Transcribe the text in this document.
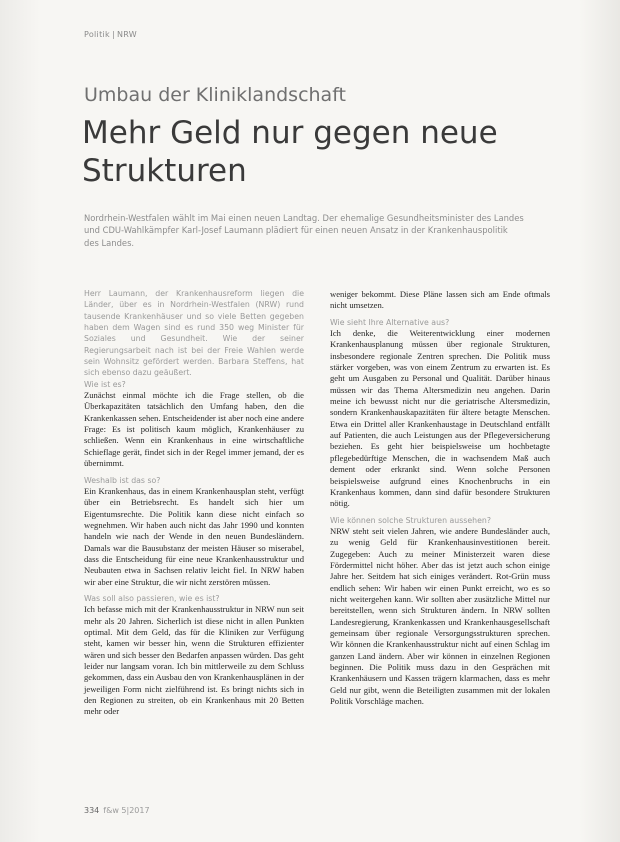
Politik | NRW
Umbau der Kliniklandschaft
Mehr Geld nur gegen neue Strukturen

Nordrhein-Westfalen wählt im Mai einen neuen Landtag. Der ehemalige Gesundheitsminister des Landes und CDU-Wahlkämpfer Karl-Josef Laumann plädiert für einen neuen Ansatz in der Krankenhauspolitik des Landes.

Herr Laumann, der Krankenhausreform liegen die Länder, über es in Nordrhein-Westfalen (NRW) rund tausende Krankenhäuser und so viele Betten gegeben haben dem Wagen sind es rund 350 weg Minister für Soziales und Gesundheit. Wie der seiner Regierungsarbeit nach ist bei der Freie Wahlen werde sein Wohnsitz gefördert werden. Barbara Steffens, hat sich ebenso dazu geäußert.

Wie ist es?

Zunächst einmal möchte ich die Frage stellen, ob die Überkapazitäten tatsächlich den Umfang haben, den die Krankenkassen sehen. Entscheidender ist aber noch eine andere Frage: Es ist politisch kaum möglich, Krankenhäuser zu schließen. Wenn ein Krankenhaus in eine wirtschaftliche Schieflage gerät, findet sich in der Regel immer jemand, der es übernimmt.

Weshalb ist das so?

Ein Krankenhaus, das in einem Krankenhausplan steht, verfügt über ein Betriebsrecht. Es handelt sich hier um Eigentumsrechte. Die Politik kann diese nicht einfach so wegnehmen. Wir haben auch nicht das Jahr 1990 und konnten handeln wie nach der Wende in den neuen Bundesländern. Damals war die Bausubstanz der meisten Häuser so miserabel, dass die Entscheidung für eine neue Krankenhausstruktur und Neubauten etwa in Sachsen relativ leicht fiel. In NRW haben wir aber eine Struktur, die wir nicht zerstören müssen.

Was soll also passieren, wie es ist?

Ich befasse mich mit der Krankenhausstruktur in NRW nun seit mehr als 20 Jahren. Sicherlich ist diese nicht in allen Punkten optimal. Mit dem Geld, das für die Kliniken zur Verfügung steht, kamen wir besser hin, wenn die Strukturen effizienter wären und sich besser den Bedarfen anpassen würden. Das geht leider nur langsam voran. Ich bin mittlerweile zu dem Schluss gekommen, dass ein Ausbau den von Krankenhausplänen in der jeweiligen Form nicht zielführend ist. Es bringt nichts sich in den Regionen zu streiten, ob ein Krankenhaus mit 20 Betten mehr oder

weniger bekommt. Diese Pläne lassen sich am Ende oftmals nicht umsetzen.

Wie sieht Ihre Alternative aus?

Ich denke, die Weiterentwicklung einer modernen Krankenhausplanung müssen über regionale Strukturen, insbesondere regionale Zentren sprechen. Die Politik muss stärker vorgeben, was von einem Zentrum zu erwarten ist. Es geht um Ausgaben zu Personal und Qualität. Darüber hinaus müssen wir das Thema Altersmedizin neu angehen. Darin meine ich bewusst nicht nur die geriatrische Altersmedizin, sondern Krankenhauskapazitäten für ältere betagte Menschen. Etwa ein Drittel aller Krankenhaustage in Deutschland entfällt auf Patienten, die auch Leistungen aus der Pflegeversicherung beziehen. Es geht hier beispielsweise um hochbetagte pflegebedürftige Menschen, die in wachsendem Maß auch dement oder erkrankt sind. Wenn solche Personen beispielsweise aufgrund eines Knochenbruchs in ein Krankenhaus kommen, dann sind dafür besondere Strukturen nötig.

Wie können solche Strukturen aussehen?

NRW steht seit vielen Jahren, wie andere Bundesländer auch, zu wenig Geld für Krankenhausinvestitionen bereit. Zugegeben: Auch zu meiner Ministerzeit waren diese Fördermittel nicht höher. Aber das ist jetzt auch schon einige Jahre her. Seitdem hat sich einiges verändert. Rot-Grün muss endlich sehen: Wir haben wir einen Punkt erreicht, wo es so nicht weitergehen kann. Wir sollten aber zusätzliche Mittel nur bereitstellen, wenn sich Strukturen ändern. In NRW sollten Landesregierung, Krankenkassen und Krankenhausgesellschaft gemeinsam über regionale Versorgungsstrukturen sprechen. Wir können die Krankenhausstruktur nicht auf einen Schlag im ganzen Land ändern. Aber wir können in einzelnen Regionen beginnen. Die Politik muss dazu in den Gesprächen mit Krankenhäusern und Kassen trägern klarmachen, dass es mehr Geld nur gibt, wenn die Beteiligten zusammen mit der lokalen Politik Vorschläge machen.

334 f&w 5|2017
